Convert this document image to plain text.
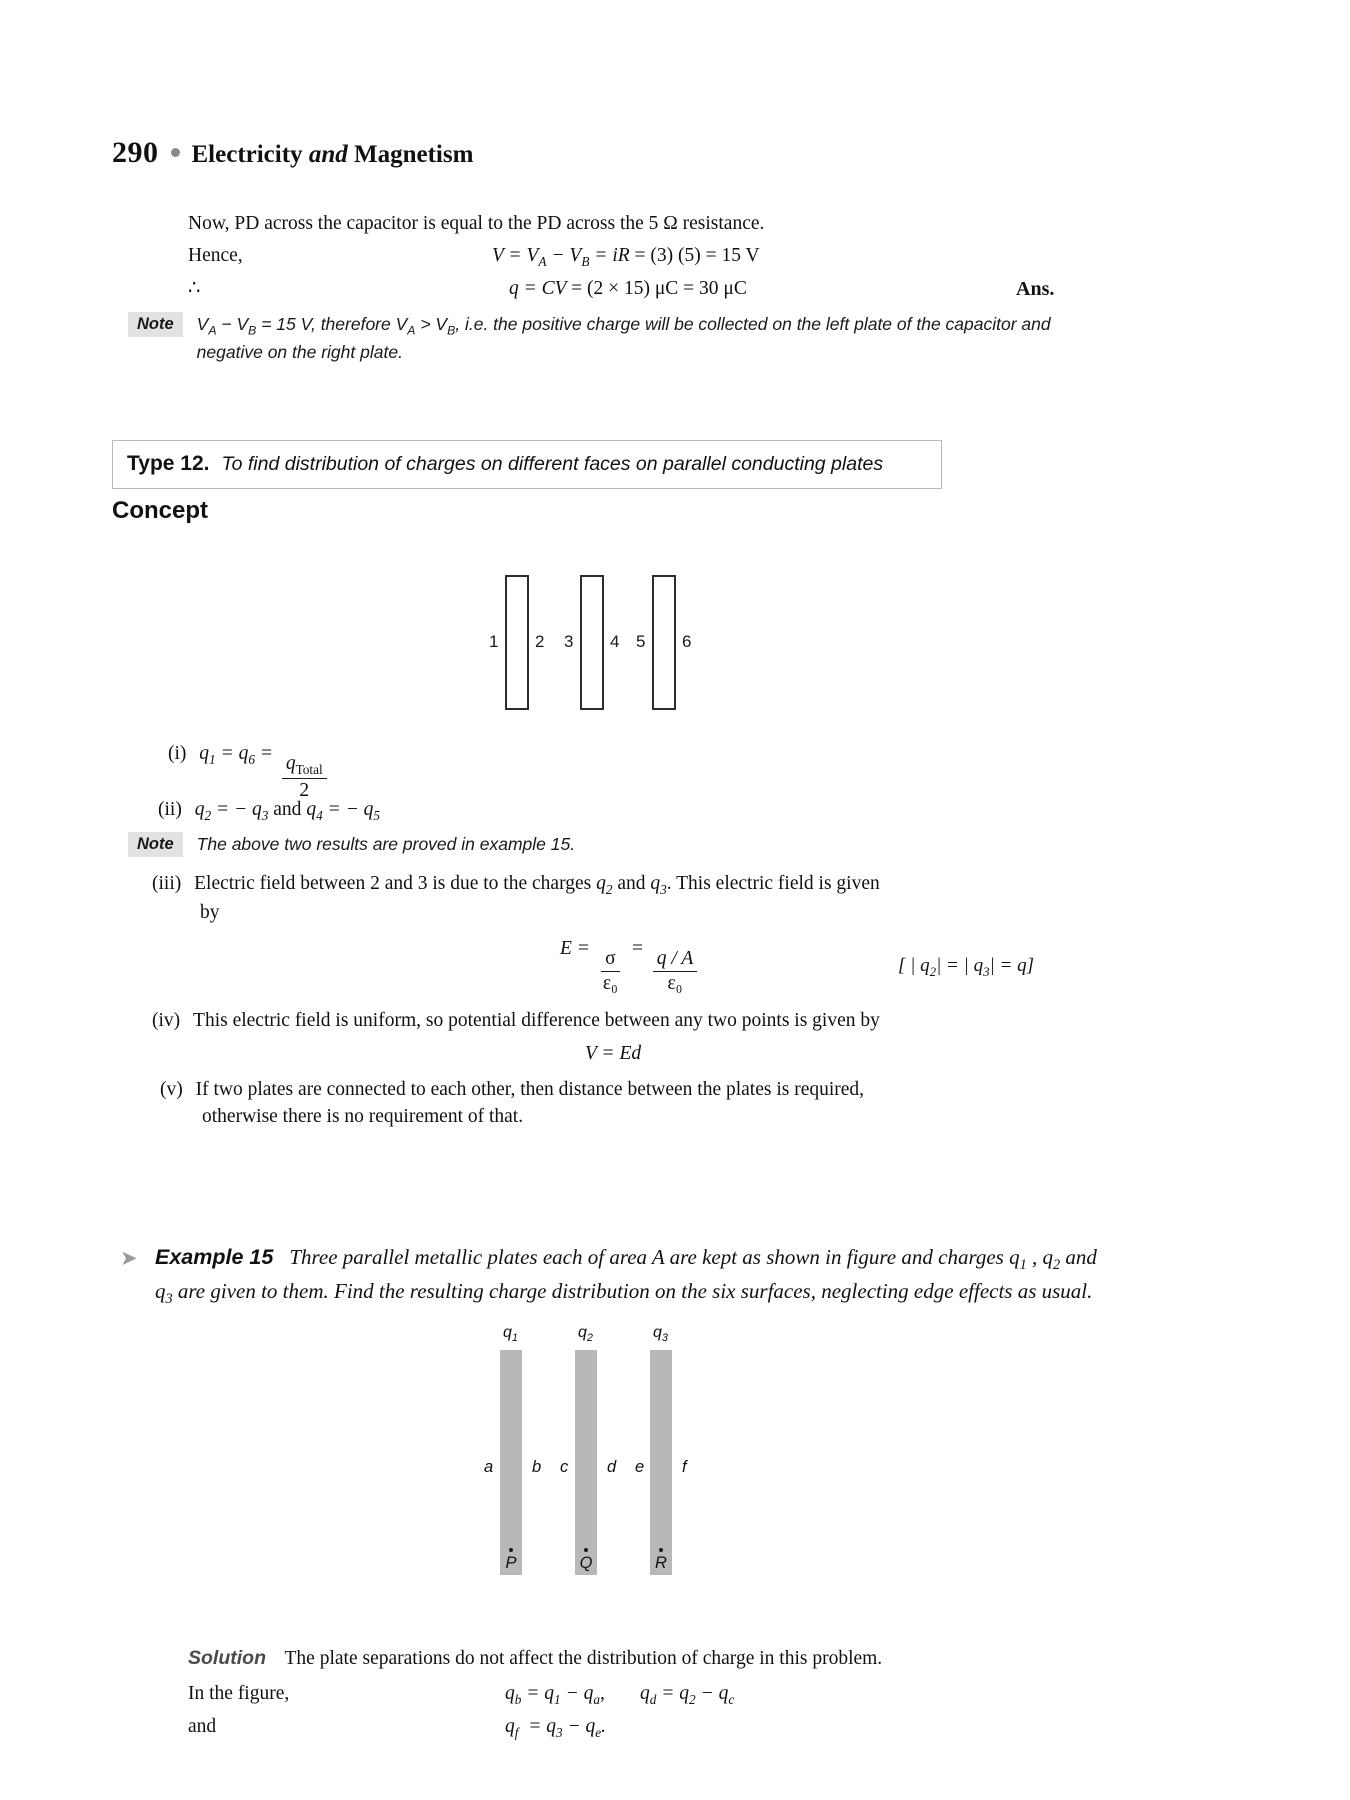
290 Electricity and Magnetism
Now, PD across the capacitor is equal to the PD across the 5 Ω resistance.
Hence,	$V = V_A - V_B$ = iR = (3) (5) = 15 V
∴	q = CV = (2 × 15) μC = 30 μC	Ans.
Note	$V_A - V_B = 15$ V, therefore $V_A > V_B$, i.e. the positive charge will be collected on the left plate of the capacitor and negative on the right plate.
Type 12. To find distribution of charges on different faces on parallel conducting plates
Concept
1 2 3 4 5 6
(i) $q_1 = q_6 = \frac{q_{Total}}{2}$
(ii) $q_2$ = − $q_3$ and $q_4$ = − $q_5$
Note	The above two results are proved in example 15.
(iii) Electric field between 2 and 3 is due to the charges $q_2$ and $q_3$. This electric field is given
by
$E = \frac{\sigma}{\text{ε₀}} = \frac{q / A}{\text{ε₀}}$	[ | $q_2|$ = | $q_3| = q$]
(iv) This electric field is uniform, so potential difference between any two points is given by
V = Ed
(v) If two plates are connected to each other, then distance between the plates is required,
otherwise there is no requirement of that.
➤ Example 15 Three parallel metallic plates each of area A are kept as shown in figure and charges $q_1$ , $q_2$ and $q_3$ are given to them. Find the resulting charge distribution on the six surfaces, neglecting edge effects as usual.
$q_1$	$q_2$	$q_3$
a b c d e f
P	Q	R
Solution The plate separations do not affect the distribution of charge in this problem.
In the figure,	$q_b = q_1 - q_a$, $q_d = q_2 - q_c$
and	$q_f = q_3 - q_e$.
